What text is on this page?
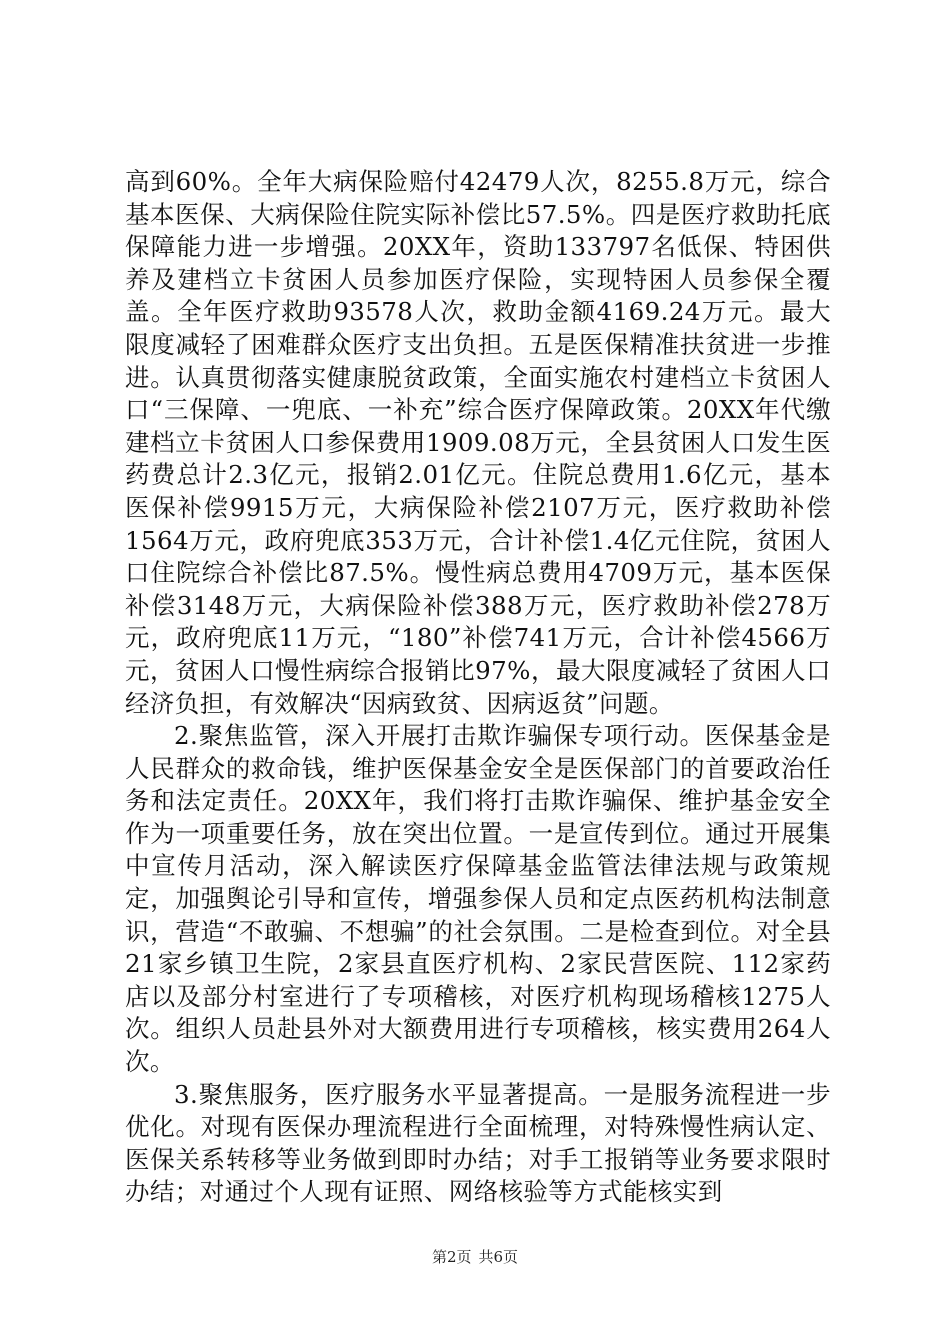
高到60%。全年大病保险赔付42479人次，8255.8万元，综合基本医保、大病保险住院实际补偿比57.5%。四是医疗救助托底保障能力进一步增强。20XX年，资助133797名低保、特困供养及建档立卡贫困人员参加医疗保险，实现特困人员参保全覆盖。全年医疗救助93578人次，救助金额4169.24万元。最大限度减轻了困难群众医疗支出负担。五是医保精准扶贫进一步推进。认真贯彻落实健康脱贫政策，全面实施农村建档立卡贫困人口“三保障、一兜底、一补充”综合医疗保障政策。20XX年代缴建档立卡贫困人口参保费用1909.08万元，全县贫困人口发生医药费总计2.3亿元，报销2.01亿元。住院总费用1.6亿元，基本医保补偿9915万元，大病保险补偿2107万元，医疗救助补偿1564万元，政府兜底353万元，合计补偿1.4亿元住院，贫困人口住院综合补偿比87.5%。慢性病总费用4709万元，基本医保补偿3148万元，大病保险补偿388万元，医疗救助补偿278万元，政府兜底11万元，“180”补偿741万元，合计补偿4566万元，贫困人口慢性病综合报销比97%，最大限度减轻了贫困人口经济负担，有效解决“因病致贫、因病返贫”问题。

2.聚焦监管，深入开展打击欺诈骗保专项行动。医保基金是人民群众的救命钱，维护医保基金安全是医保部门的首要政治任务和法定责任。20XX年，我们将打击欺诈骗保、维护基金安全作为一项重要任务，放在突出位置。一是宣传到位。通过开展集中宣传月活动，深入解读医疗保障基金监管法律法规与政策规定，加强舆论引导和宣传，增强参保人员和定点医药机构法制意识，营造“不敢骗、不想骗”的社会氛围。二是检查到位。对全县21家乡镇卫生院，2家县直医疗机构、2家民营医院、112家药店以及部分村室进行了专项稽核，对医疗机构现场稽核1275人次。组织人员赴县外对大额费用进行专项稽核，核实费用264人次。

3.聚焦服务，医疗服务水平显著提高。一是服务流程进一步优化。对现有医保办理流程进行全面梳理，对特殊慢性病认定、医保关系转移等业务做到即时办结；对手工报销等业务要求限时办结；对通过个人现有证照、网络核验等方式能核实到

第2页 共6页
